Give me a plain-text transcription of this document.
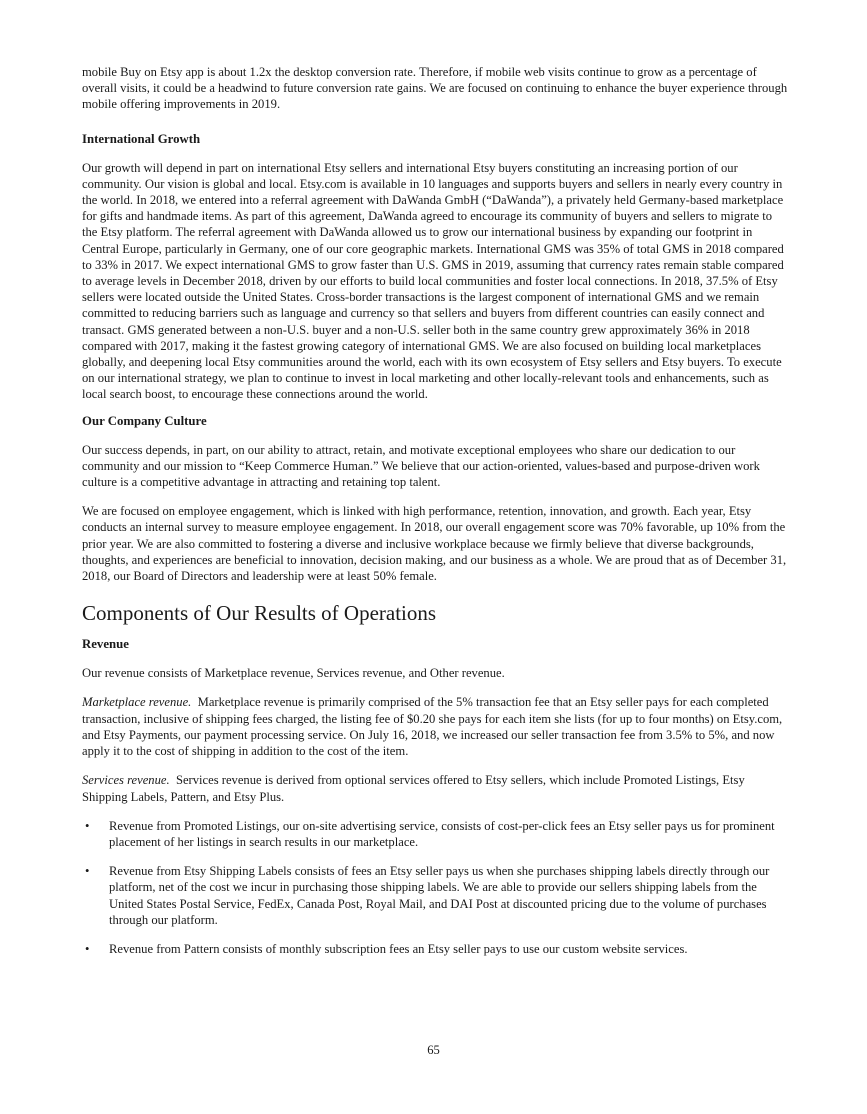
mobile Buy on Etsy app is about 1.2x the desktop conversion rate. Therefore, if mobile web visits continue to grow as a percentage of overall visits, it could be a headwind to future conversion rate gains. We are focused on continuing to enhance the buyer experience through mobile offering improvements in 2019.

International Growth

Our growth will depend in part on international Etsy sellers and international Etsy buyers constituting an increasing portion of our community. Our vision is global and local. Etsy.com is available in 10 languages and supports buyers and sellers in nearly every country in the world. In 2018, we entered into a referral agreement with DaWanda GmbH (“DaWanda”), a privately held Germany-based marketplace for gifts and handmade items. As part of this agreement, DaWanda agreed to encourage its community of buyers and sellers to migrate to the Etsy platform. The referral agreement with DaWanda allowed us to grow our international business by expanding our footprint in Central Europe, particularly in Germany, one of our core geographic markets. International GMS was 35% of total GMS in 2018 compared to 33% in 2017. We expect international GMS to grow faster than U.S. GMS in 2019, assuming that currency rates remain stable compared to average levels in December 2018, driven by our efforts to build local communities and foster local connections. In 2018, 37.5% of Etsy sellers were located outside the United States. Cross-border transactions is the largest component of international GMS and we remain committed to reducing barriers such as language and currency so that sellers and buyers from different countries can easily connect and transact. GMS generated between a non-U.S. buyer and a non-U.S. seller both in the same country grew approximately 36% in 2018 compared with 2017, making it the fastest growing category of international GMS. We are also focused on building local marketplaces globally, and deepening local Etsy communities around the world, each with its own ecosystem of Etsy sellers and Etsy buyers. To execute on our international strategy, we plan to continue to invest in local marketing and other locally-relevant tools and enhancements, such as local search boost, to encourage these connections around the world.

Our Company Culture

Our success depends, in part, on our ability to attract, retain, and motivate exceptional employees who share our dedication to our community and our mission to “Keep Commerce Human.” We believe that our action-oriented, values-based and purpose-driven work culture is a competitive advantage in attracting and retaining top talent.

We are focused on employee engagement, which is linked with high performance, retention, innovation, and growth. Each year, Etsy conducts an internal survey to measure employee engagement. In 2018, our overall engagement score was 70% favorable, up 10% from the prior year. We are also committed to fostering a diverse and inclusive workplace because we firmly believe that diverse backgrounds, thoughts, and experiences are beneficial to innovation, decision making, and our business as a whole. We are proud that as of December 31, 2018, our Board of Directors and leadership were at least 50% female.

Components of Our Results of Operations
Revenue

Our revenue consists of Marketplace revenue, Services revenue, and Other revenue.

Marketplace revenue. Marketplace revenue is primarily comprised of the 5% transaction fee that an Etsy seller pays for each completed transaction, inclusive of shipping fees charged, the listing fee of $0.20 she pays for each item she lists (for up to four months) on Etsy.com, and Etsy Payments, our payment processing service. On July 16, 2018, we increased our seller transaction fee from 3.5% to 5%, and now apply it to the cost of shipping in addition to the cost of the item.

Services revenue. Services revenue is derived from optional services offered to Etsy sellers, which include Promoted Listings, Etsy Shipping Labels, Pattern, and Etsy Plus.

• Revenue from Promoted Listings, our on-site advertising service, consists of cost-per-click fees an Etsy seller pays us for prominent placement of her listings in search results in our marketplace.
• Revenue from Etsy Shipping Labels consists of fees an Etsy seller pays us when she purchases shipping labels directly through our platform, net of the cost we incur in purchasing those shipping labels. We are able to provide our sellers shipping labels from the United States Postal Service, FedEx, Canada Post, Royal Mail, and DAI Post at discounted pricing due to the volume of purchases through our platform.
• Revenue from Pattern consists of monthly subscription fees an Etsy seller pays to use our custom website services.
65
